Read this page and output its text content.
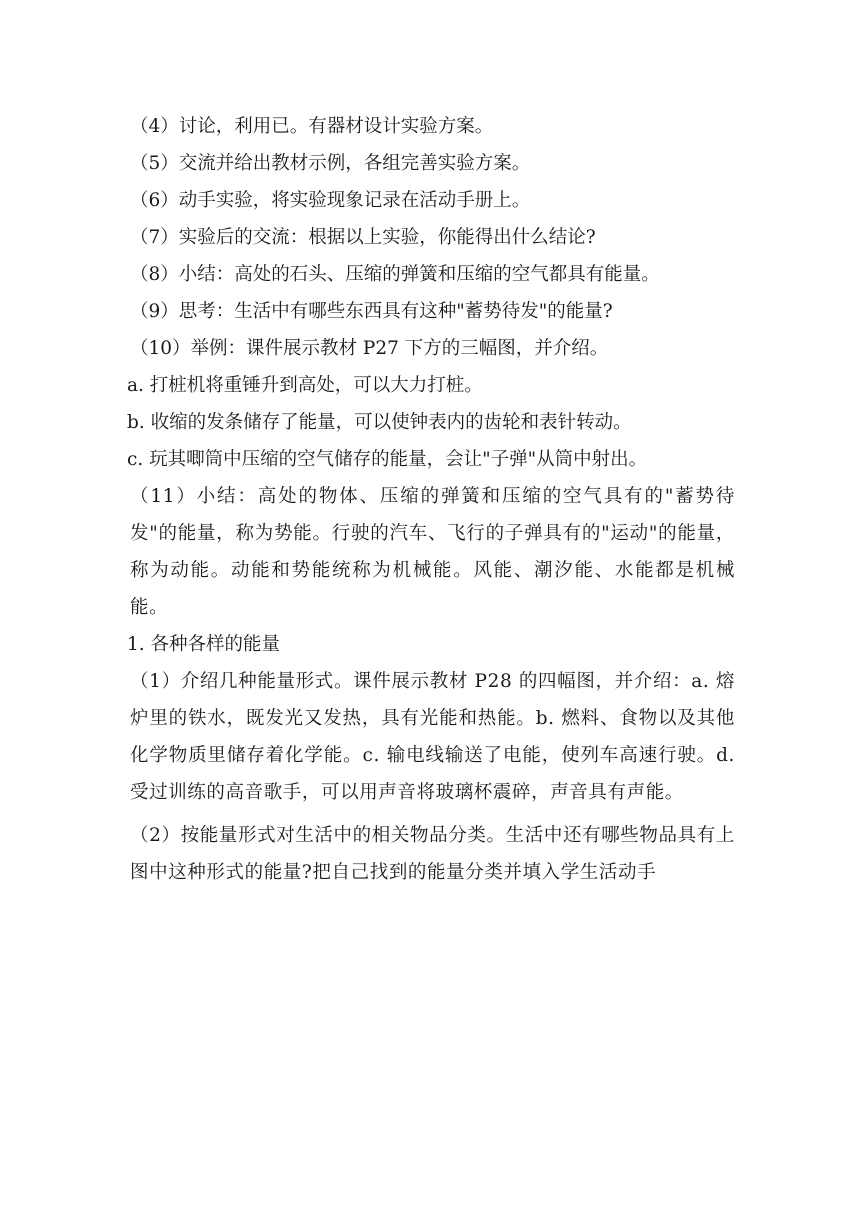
（4）讨论，利用已。有器材设计实验方案。

（5）交流并给出教材示例，各组完善实验方案。

（6）动手实验，将实验现象记录在活动手册上。

（7）实验后的交流：根据以上实验，你能得出什么结论?

（8）小结：高处的石头、压缩的弹簧和压缩的空气都具有能量。

（9）思考：生活中有哪些东西具有这种"蓄势待发"的能量?

（10）举例：课件展示教材 P27 下方的三幅图，并介绍。

a. 打桩机将重锤升到高处，可以大力打桩。

b. 收缩的发条储存了能量，可以使钟表内的齿轮和表针转动。

c. 玩其唧筒中压缩的空气储存的能量，会让"子弹"从筒中射出。

（11）小结：高处的物体、压缩的弹簧和压缩的空气具有的"蓄势待发"的能量，称为势能。行驶的汽车、飞行的子弹具有的"运动"的能量，称为动能。动能和势能统称为机械能。风能、潮汐能、水能都是机械能。

1. 各种各样的能量

（1）介绍几种能量形式。课件展示教材 P28 的四幅图，并介绍：a. 熔炉里的铁水，既发光又发热，具有光能和热能。b. 燃料、食物以及其他化学物质里储存着化学能。c. 输电线输送了电能，使列车高速行驶。d. 受过训练的高音歌手，可以用声音将玻璃杯震碎，声音具有声能。

（2）按能量形式对生活中的相关物品分类。生活中还有哪些物品具有上图中这种形式的能量?把自己找到的能量分类并填入学生活动手
